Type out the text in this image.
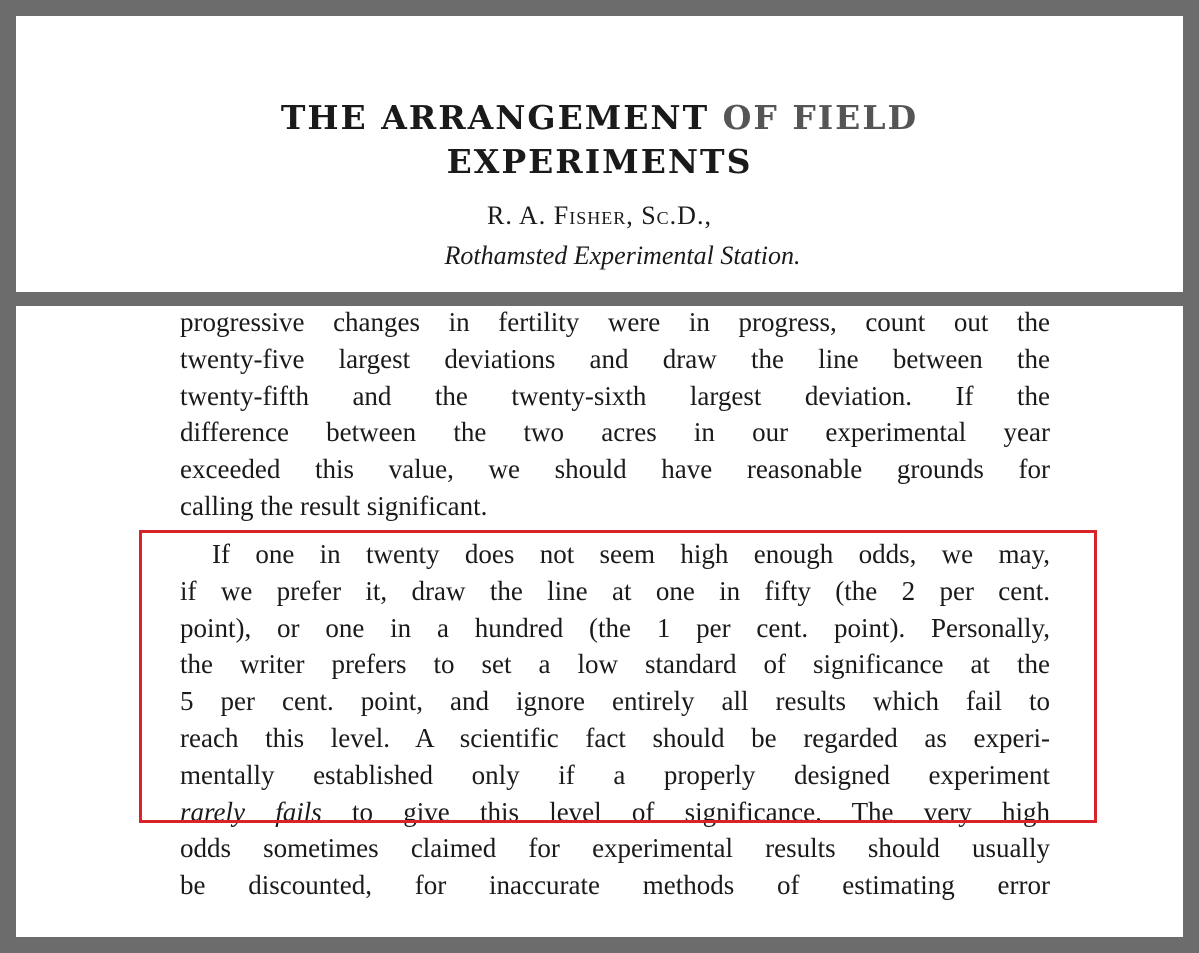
THE ARRANGEMENT OF FIELD
EXPERIMENTS
R. A. Fisher, Sc.D.,
Rothamsted Experimental Station.
progressive changes in fertility were in progress, count out the
twenty-five largest deviations and draw the line between the
twenty-fifth and the twenty-sixth largest deviation. If the
difference between the two acres in our experimental year
exceeded this value, we should have reasonable grounds for
calling the result significant.
If one in twenty does not seem high enough odds, we may,
if we prefer it, draw the line at one in fifty (the 2 per cent.
point), or one in a hundred (the 1 per cent. point). Personally,
the writer prefers to set a low standard of significance at the
5 per cent. point, and ignore entirely all results which fail to
reach this level. A scientific fact should be regarded as experi-
mentally established only if a properly designed experiment
rarely fails to give this level of significance. The very high
odds sometimes claimed for experimental results should usually
be discounted, for inaccurate methods of estimating error
